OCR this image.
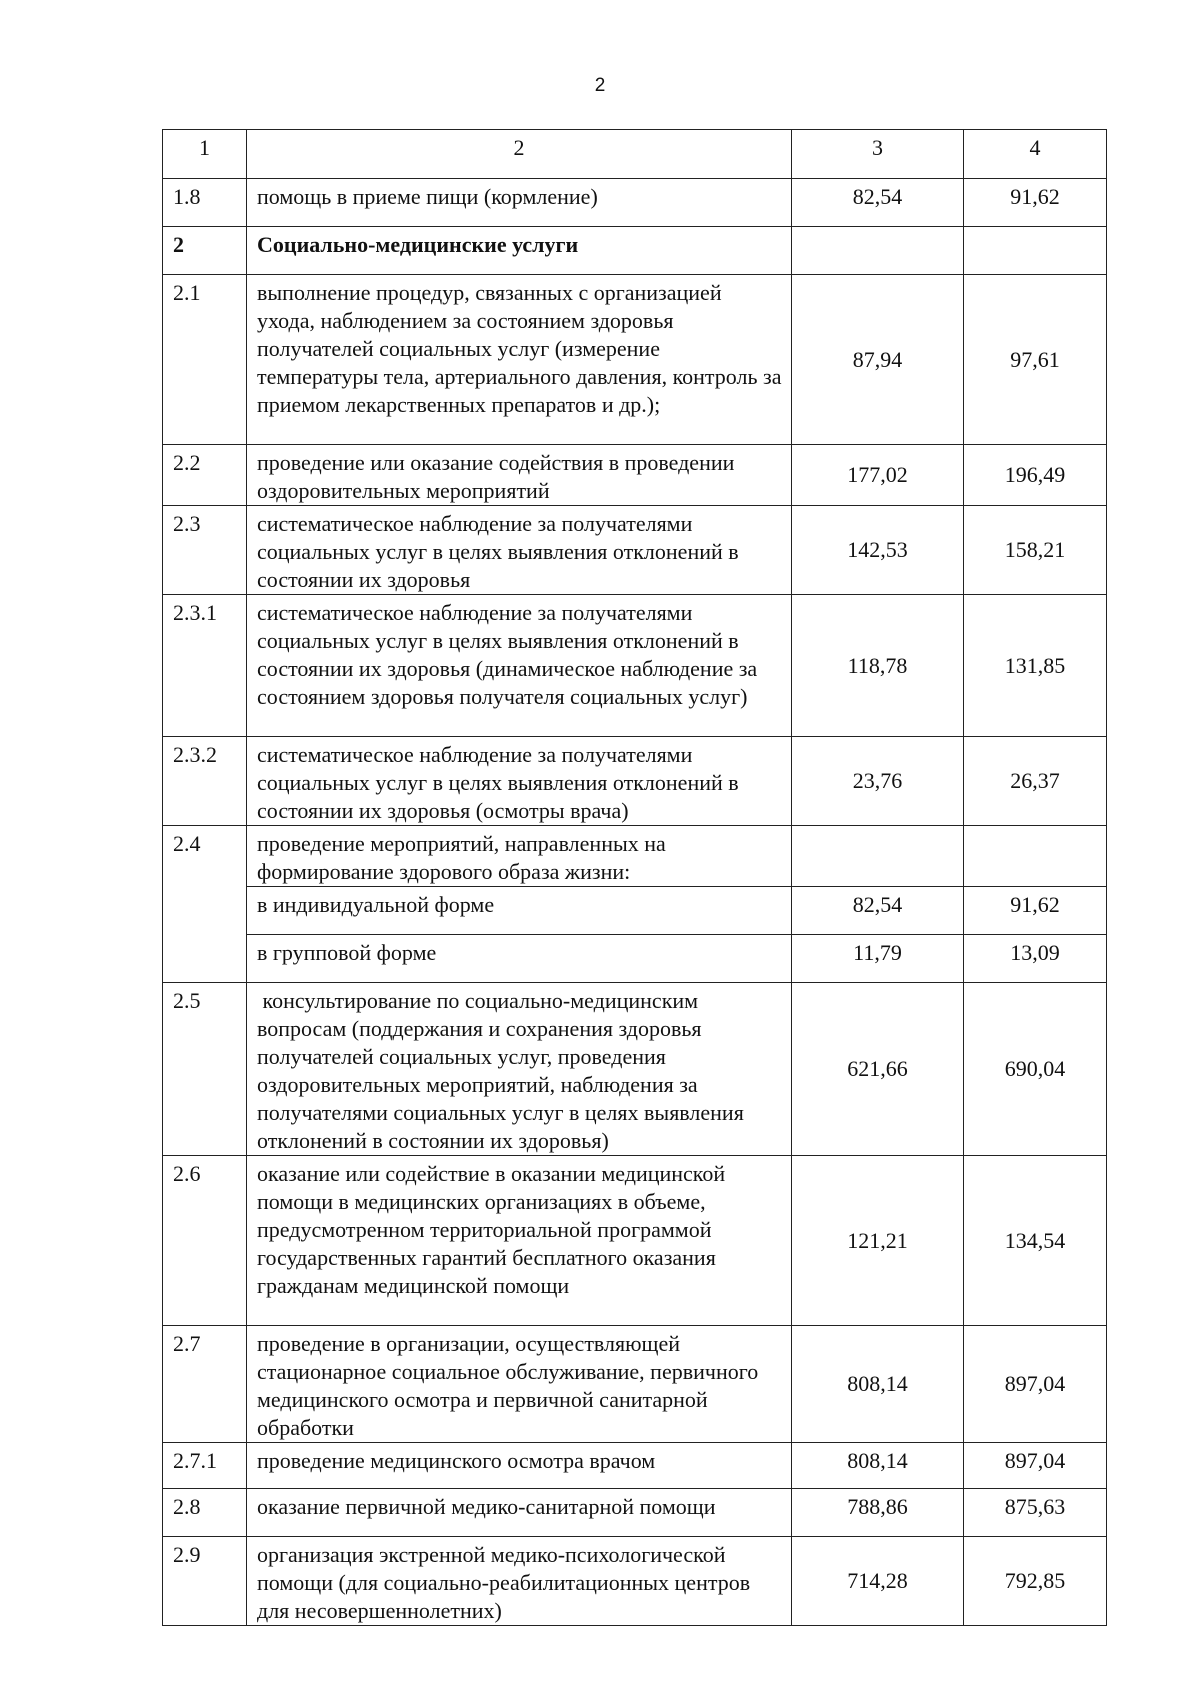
2
1	2	3	4
1.8	помощь в приеме пищи (кормление)	82,54	91,62
2	Социально-медицинские услуги		
2.1	выполнение процедур, связанных с организацией ухода, наблюдением за состоянием здоровья получателей социальных услуг (измерение температуры тела, артериального давления, контроль за приемом лекарственных препаратов и др.);	87,94	97,61
2.2	проведение или оказание содействия в проведении оздоровительных мероприятий	177,02	196,49
2.3	систематическое наблюдение за получателями социальных услуг в целях выявления отклонений в состоянии их здоровья	142,53	158,21
2.3.1	систематическое наблюдение за получателями социальных услуг в целях выявления отклонений в состоянии их здоровья (динамическое наблюдение за состоянием здоровья получателя социальных услуг)	118,78	131,85
2.3.2	систематическое наблюдение за получателями социальных услуг в целях выявления отклонений в состоянии их здоровья (осмотры врача)	23,76	26,37
2.4	проведение мероприятий, направленных на формирование здорового образа жизни:		
	в индивидуальной форме	82,54	91,62
	в групповой форме	11,79	13,09
2.5	консультирование по социально-медицинским вопросам (поддержания и сохранения здоровья получателей социальных услуг, проведения оздоровительных мероприятий, наблюдения за получателями социальных услуг в целях выявления отклонений в состоянии их здоровья)	621,66	690,04
2.6	оказание или содействие в оказании медицинской помощи в медицинских организациях в объеме, предусмотренном территориальной программой государственных гарантий бесплатного оказания гражданам медицинской помощи	121,21	134,54
2.7	проведение в организации, осуществляющей стационарное социальное обслуживание, первичного медицинского осмотра и первичной санитарной обработки	808,14	897,04
2.7.1	проведение медицинского осмотра врачом	808,14	897,04
2.8	оказание первичной медико-санитарной помощи	788,86	875,63
2.9	организация экстренной медико-психологической помощи (для социально-реабилитационных центров для несовершеннолетних)	714,28	792,85
